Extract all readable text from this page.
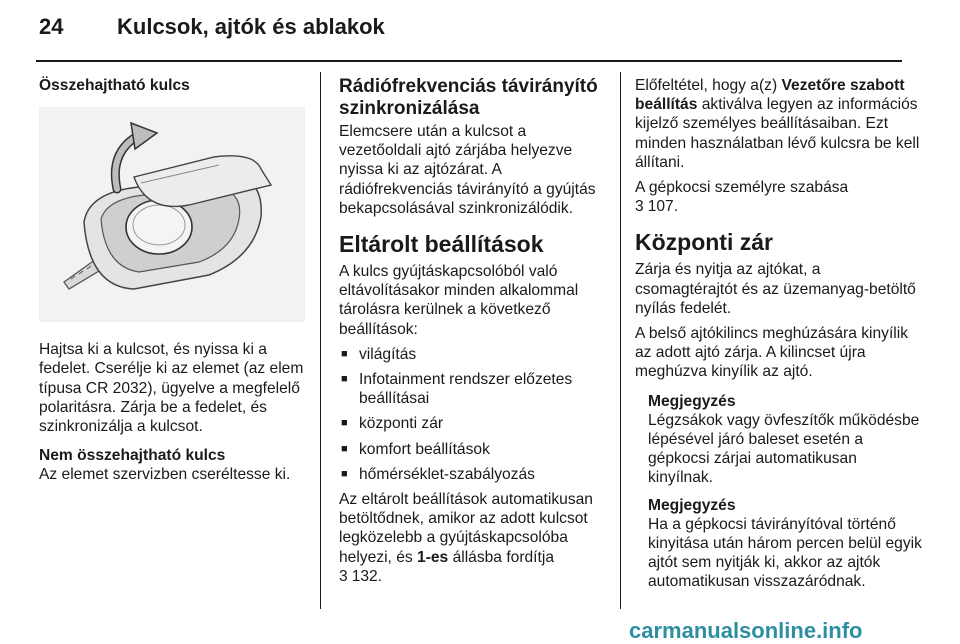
24 Kulcsok, ajtók és ablakok

Összehajtható kulcs

Hajtsa ki a kulcsot, és nyissa ki a fedelet. Cserélje ki az elemet (az elem típusa CR 2032), ügyelve a megfelelő polaritásra. Zárja be a fedelet, és szinkronizálja a kulcsot.

Nem összehajtható kulcs

Az elemet szervizben cseréltesse ki.

Rádiófrekvenciás távirányító szinkronizálása

Elemcsere után a kulcsot a vezetőoldali ajtó zárjába helyezve nyissa ki az ajtózárat. A rádiófrekvenciás távirányító a gyújtás bekapcsolásával szinkronizálódik.

Eltárolt beállítások

A kulcs gyújtáskapcsolóból való eltávolításakor minden alkalommal tárolásra kerülnek a következő beállítások:

■ világítás
■ Infotainment rendszer előzetes beállításai
■ központi zár
■ komfort beállítások
■ hőmérséklet-szabályozás

Az eltárolt beállítások automatikusan betöltődnek, amikor az adott kulcsot legközelebb a gyújtáskapcsolóba helyezi, és 1-es állásba fordítja

3 132.

Előfeltétel, hogy a(z) Vezetőre szabott beállítás aktiválva legyen az információs kijelző személyes beállításaiban. Ezt minden használatban lévő kulcsra be kell állítani.

A gépkocsi személyre szabása

3 107.

Központi zár

Zárja és nyitja az ajtókat, a csomagtérajtót és az üzemanyag-betöltő nyílás fedelét.

A belső ajtókilincs meghúzására kinyílik az adott ajtó zárja. A kilincset újra meghúzva kinyílik az ajtó.

Megjegyzés

Légzsákok vagy övfeszítők működésbe lépésével járó baleset esetén a gépkocsi zárjai automatikusan kinyílnak.

Megjegyzés

Ha a gépkocsi távirányítóval történő kinyitása után három percen belül egyik ajtót sem nyitják ki, akkor az ajtók automatikusan visszazáródnak.

carmanualsonline.info
